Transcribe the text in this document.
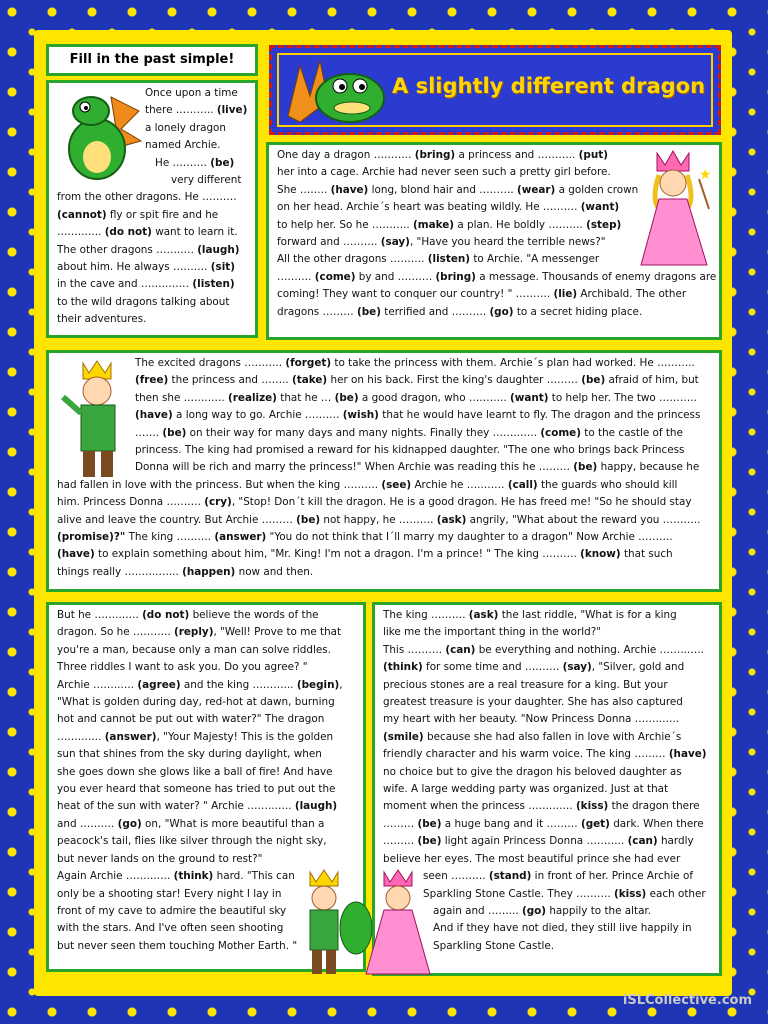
Fill in the past simple!
A slightly different dragon
Once upon a time
there ……….. (live)
a lonely dragon
named Archie.
He ………. (be)
very different
from the other dragons. He ……….
(cannot) fly or spit fire and he
……..….. (do not) want to learn it.
The other dragons …….…. (laugh)
about him. He always ………. (sit)
in the cave and ……..…… (listen)
to the wild dragons talking about
their adventures.
★
One day a dragon ……….. (bring) a princess and ……….. (put)
her into a cage. Archie had never seen such a pretty girl before.
She …….. (have) long, blond hair and ………. (wear) a golden crown
on her head. Archie´s heart was beating wildly. He ………. (want)
to help her. So he ……….. (make) a plan. He boldly ………. (step)
forward and ………. (say), "Have you heard the terrible news?"
All the other dragons ………. (listen) to Archie. "A messenger
………. (come) by and ………. (bring) a message. Thousands of enemy dragons are
coming! They want to conquer our country! " ………. (lie) Archibald. The other
dragons ……… (be) terrified and ………. (go) to a secret hiding place.
The excited dragons ……….. (forget) to take the princess with them. Archie´s plan had worked. He ………..
(free) the princess and …….. (take) her on his back. First the king's daughter ……… (be) afraid of him, but
then she ……..…. (realize) that he … (be) a good dragon, who ……….. (want) to help her. The two ………..
(have) a long way to go. Archie ………. (wish) that he would have learnt to fly. The dragon and the princess
……. (be) on their way for many days and many nights. Finally they ……..….. (come) to the castle of the
princess. The king had promised a reward for his kidnapped daughter. "The one who brings back Princess
Donna will be rich and marry the princess!" When Archie was reading this he ……… (be) happy, because he
had fallen in love with the princess. But when the king ………. (see) Archie he …..…… (call) the guards who should kill
him. Princess Donna ………. (cry), "Stop! Don´t kill the dragon. He is a good dragon. He has freed me! "So he should stay
alive and leave the country. But Archie ……… (be) not happy, he ………. (ask) angrily, "What about the reward you ………..
(promise)?" The king ………. (answer) "You do not think that I´ll marry my daughter to a dragon" Now Archie ……….
(have) to explain something about him, "Mr. King! I'm not a dragon. I'm a prince! " The king ………. (know) that such
things really …..…..…... (happen) now and then.
But he ……..….. (do not) believe the words of the
dragon. So he ……….. (reply), "Well! Prove to me that
you're a man, because only a man can solve riddles.
Three riddles I want to ask you. Do you agree? "
Archie ……..…. (agree) and the king ………... (begin),
"What is golden during day, red-hot at dawn, burning
hot and cannot be put out with water?" The dragon
……..….. (answer), "Your Majesty! This is the golden
sun that shines from the sky during daylight, when
she goes down she glows like a ball of fire! And have
you ever heard that someone has tried to put out the
heat of the sun with water? " Archie ……..….. (laugh)
and ………. (go) on, "What is more beautiful than a
peacock's tail, flies like silver through the night sky,
but never lands on the ground to rest?"
Again Archie ……..….. (think) hard. "This can
only be a shooting star! Every night I lay in
front of my cave to admire the beautiful sky
with the stars. And I've often seen shooting
but never seen them touching Mother Earth. "
The king ………. (ask) the last riddle, "What is for a king
like me the important thing in the world?"
This ………. (can) be everything and nothing. Archie ……..…..
(think) for some time and ………. (say), "Silver, gold and
precious stones are a real treasure for a king. But your
greatest treasure is your daughter. She has also captured
my heart with her beauty. "Now Princess Donna ……..…..
(smile) because she had also fallen in love with Archie´s
friendly character and his warm voice. The king ……… (have)
no choice but to give the dragon his beloved daughter as
wife. A large wedding party was organized. Just at that
moment when the princess ……..….. (kiss) the dragon there
……… (be) a huge bang and it ……… (get) dark. When there
……… (be) light again Princess Donna ……….. (can) hardly
believe her eyes. The most beautiful prince she had ever
seen ………. (stand) in front of her. Prince Archie of
Sparkling Stone Castle. They ………. (kiss) each other
again and ……... (go) happily to the altar.
And if they have not died, they still live happily in
Sparkling Stone Castle.
iSLCollective.com
